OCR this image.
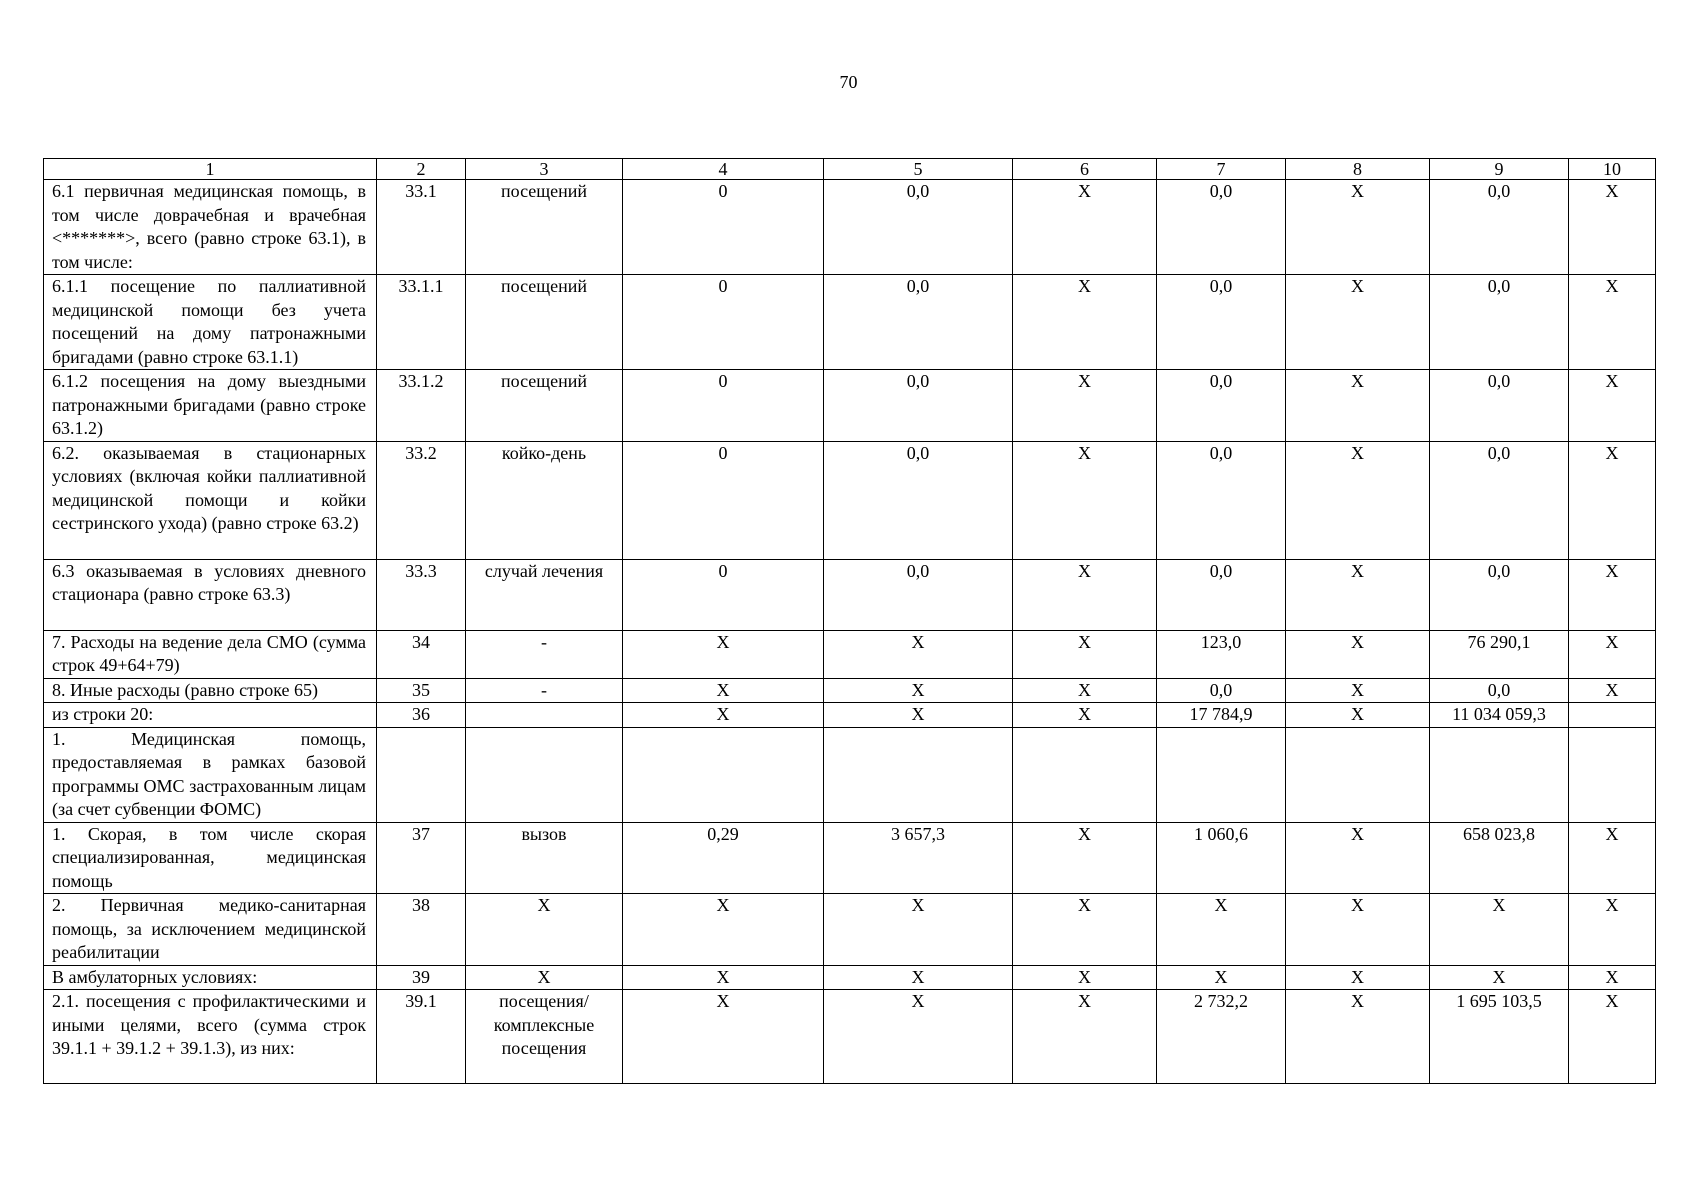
70
1	2	3	4	5	6	7	8	9	10
6.1 первичная медицинская помощь, в том числе доврачебная и врачебная <*******>, всего (равно строке 63.1), в том числе:	33.1	посещений	0	0,0	X	0,0	X	0,0	X
6.1.1 посещение по паллиативной медицинской помощи без учета посещений на дому патронажными бригадами (равно строке 63.1.1)	33.1.1	посещений	0	0,0	X	0,0	X	0,0	X
6.1.2 посещения на дому выездными патронажными бригадами (равно строке 63.1.2)	33.1.2	посещений	0	0,0	X	0,0	X	0,0	X
6.2. оказываемая в стационарных условиях (включая койки паллиативной медицинской помощи и койки сестринского ухода) (равно строке 63.2)	33.2	койко-день	0	0,0	X	0,0	X	0,0	X
6.3 оказываемая в условиях дневного стационара (равно строке 63.3)	33.3	случай лечения	0	0,0	X	0,0	X	0,0	X
7. Расходы на ведение дела СМО (сумма строк 49+64+79)	34	-	X	X	X	123,0	X	76 290,1	X
8. Иные расходы (равно строке 65)	35	-	X	X	X	0,0	X	0,0	X
из строки 20:	36		X	X	X	17 784,9	X	11 034 059,3	
1. Медицинская помощь, предоставляемая в рамках базовой программы ОМС застрахованным лицам (за счет субвенции ФОМС)									
1. Скорая, в том числе скорая специализированная, медицинская помощь	37	вызов	0,29	3 657,3	X	1 060,6	X	658 023,8	X
2. Первичная медико-санитарная помощь, за исключением медицинской реабилитации	38	X	X	X	X	X	X	X	X
В амбулаторных условиях:	39	X	X	X	X	X	X	X	X
2.1. посещения с профилактическими и иными целями, всего (сумма строк 39.1.1 + 39.1.2 + 39.1.3), из них:	39.1	посещения/ комплексные посещения	X	X	X	2 732,2	X	1 695 103,5	X
